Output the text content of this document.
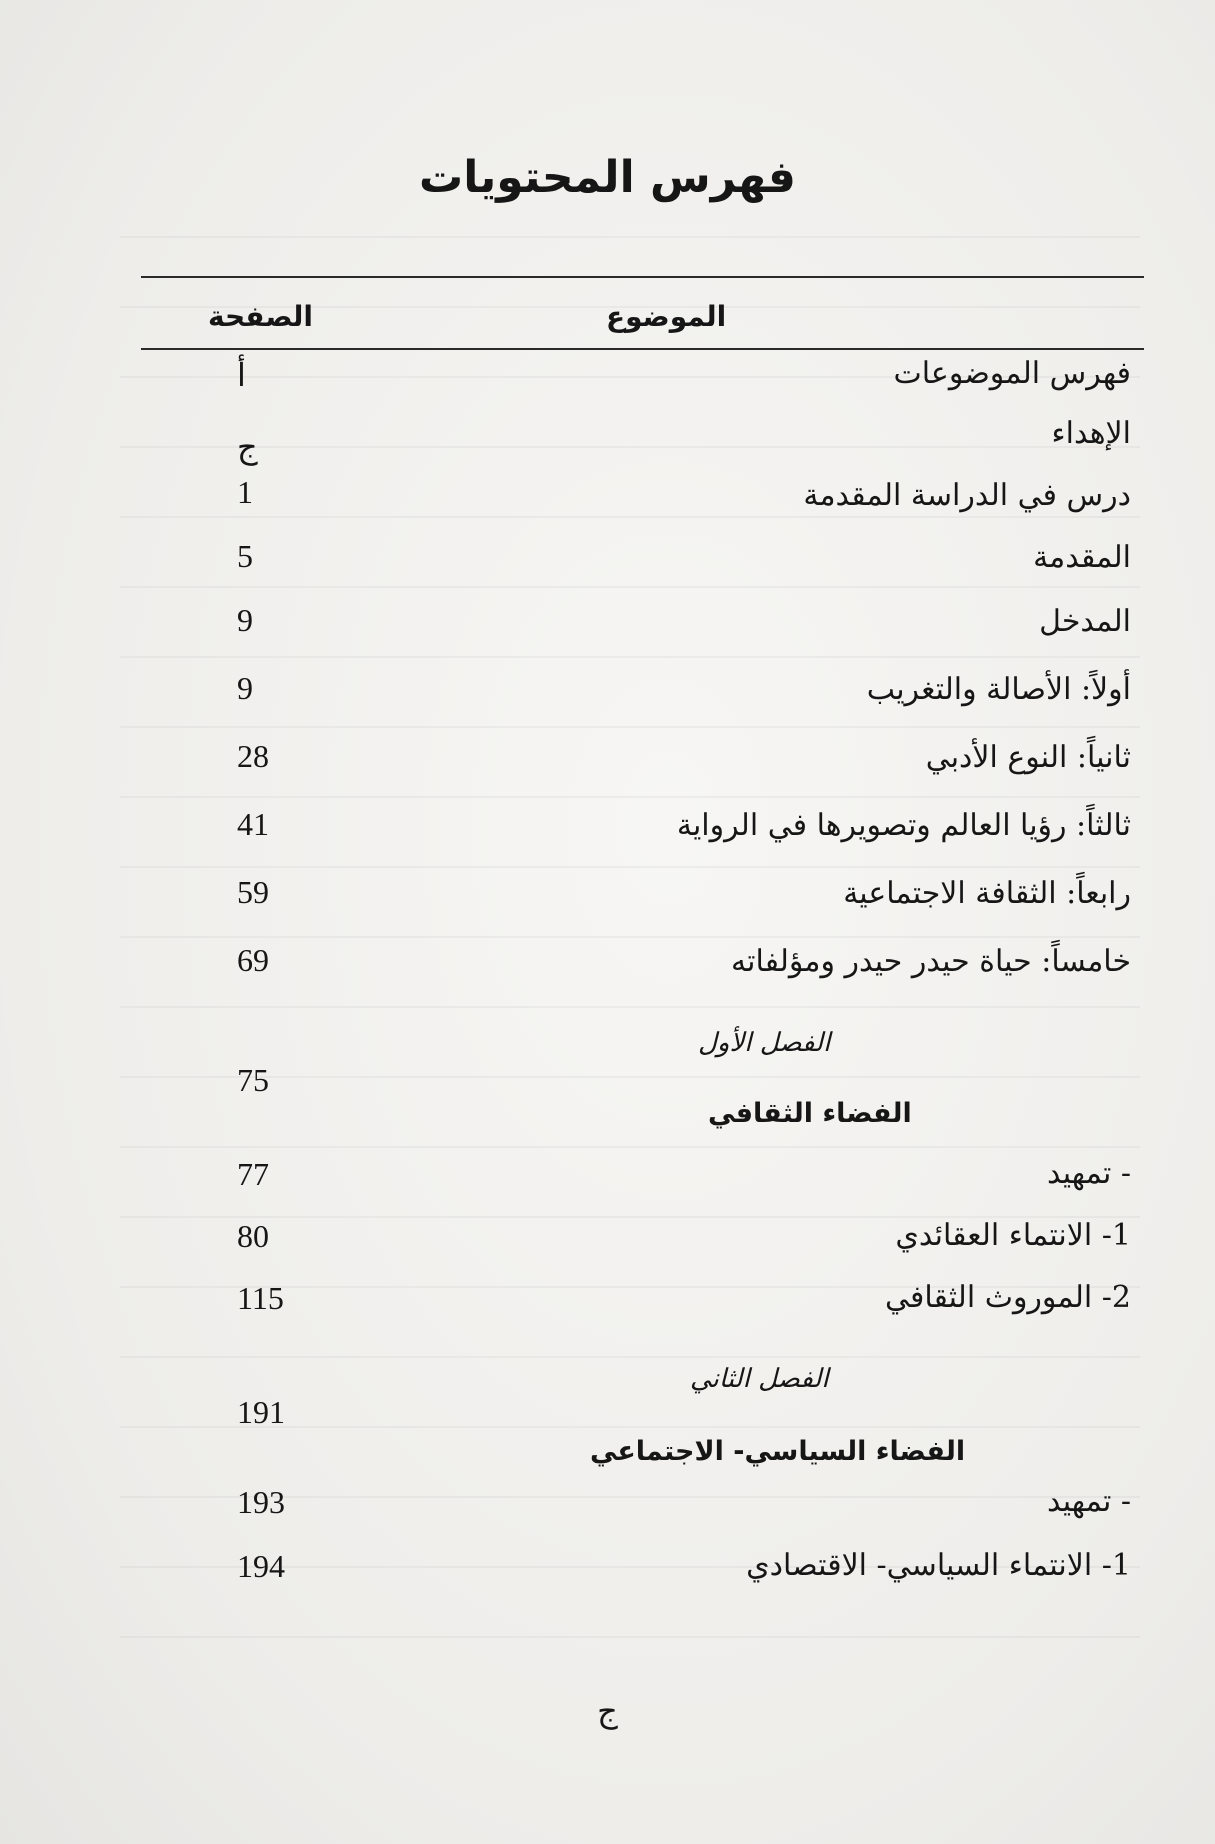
فهرس المحتويات
الموضوع
الصفحة
فهرس الموضوعات
أ
الإهداء
ج
درس في الدراسة المقدمة
1
المقدمة
5
المدخل
9
أولاً: الأصالة والتغريب
9
ثانياً: النوع الأدبي
28
ثالثاً: رؤيا العالم وتصويرها في الرواية
41
رابعاً: الثقافة الاجتماعية
59
خامساً: حياة حيدر حيدر ومؤلفاته
69
الفصل الأول
75
الفضاء الثقافي
- تمهيد
77
1- الانتماء العقائدي
80
2- الموروث الثقافي
115
الفصل الثاني
191
الفضاء السياسي- الاجتماعي
- تمهيد
193
1- الانتماء السياسي- الاقتصادي
194
ج
